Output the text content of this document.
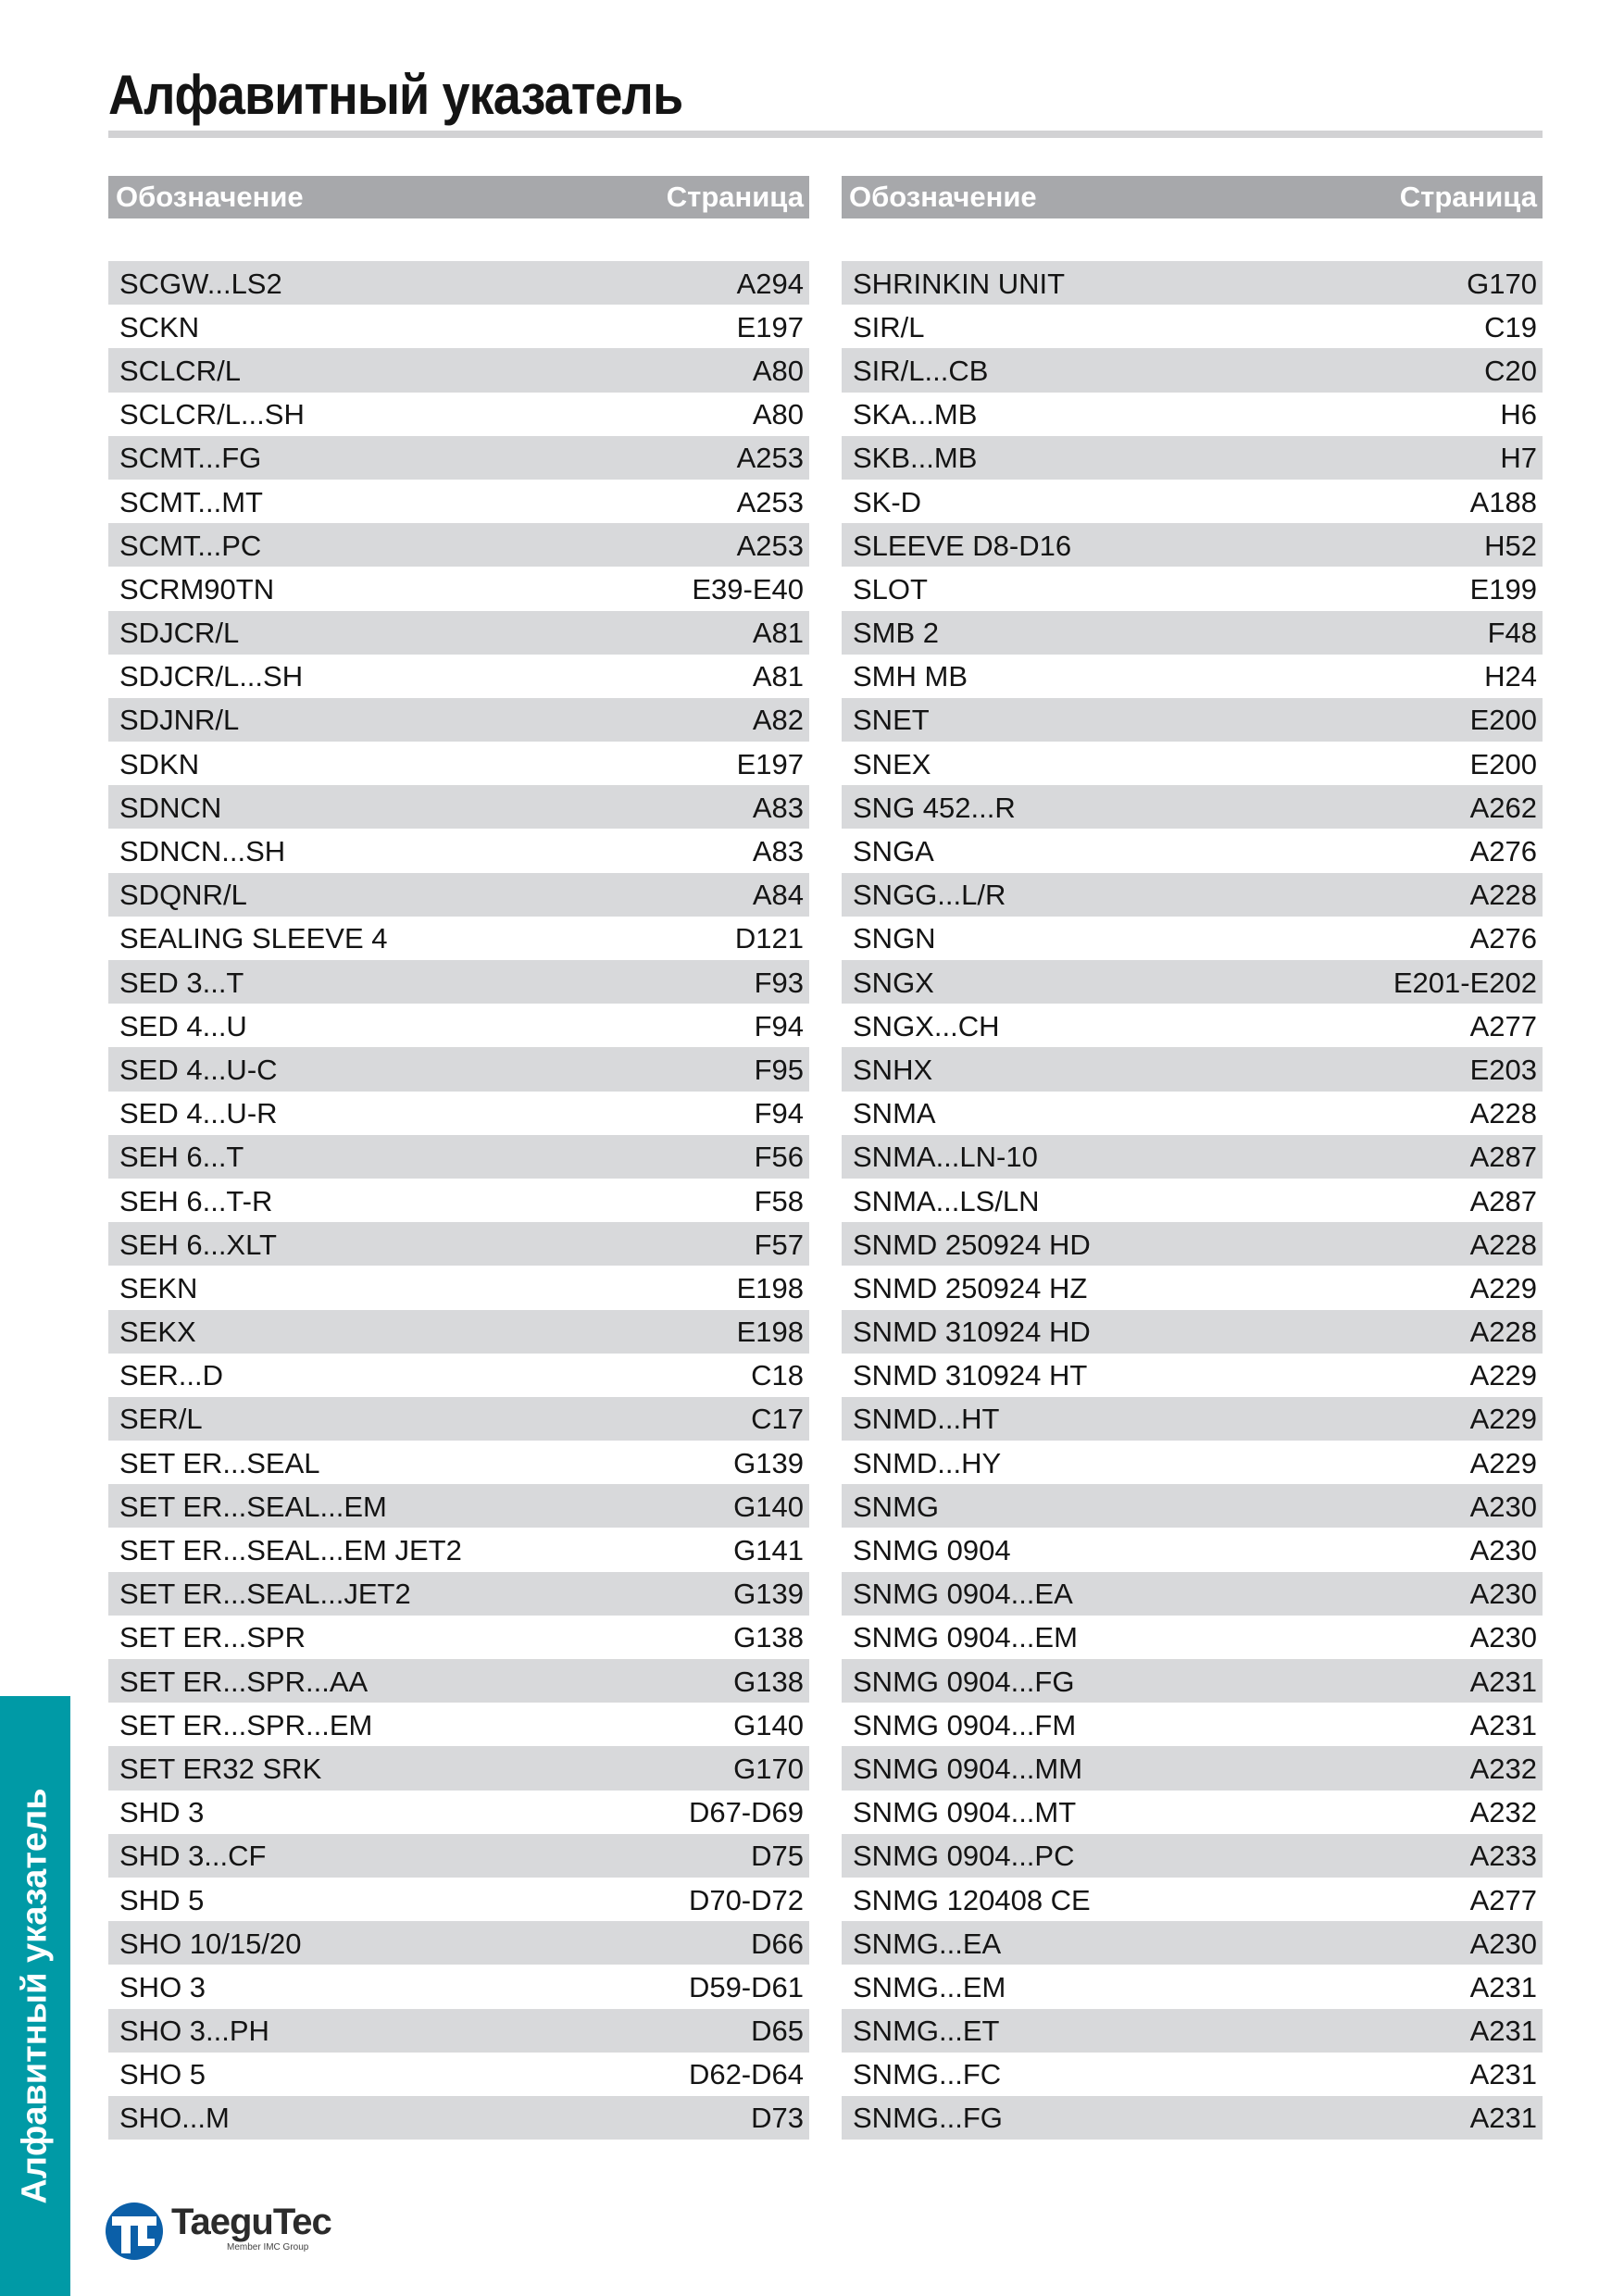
Алфавитный указатель
Обозначение	Страница
SCGW...LS2	A294
SCKN	E197
SCLCR/L	A80
SCLCR/L...SH	A80
SCMT...FG	A253
SCMT...MT	A253
SCMT...PC	A253
SCRM90TN	E39-E40
SDJCR/L	A81
SDJCR/L...SH	A81
SDJNR/L	A82
SDKN	E197
SDNCN	A83
SDNCN...SH	A83
SDQNR/L	A84
SEALING SLEEVE 4	D121
SED 3...T	F93
SED 4...U	F94
SED 4...U-C	F95
SED 4...U-R	F94
SEH 6...T	F56
SEH 6...T-R	F58
SEH 6...XLT	F57
SEKN	E198
SEKX	E198
SER...D	C18
SER/L	C17
SET ER...SEAL	G139
SET ER...SEAL...EM	G140
SET ER...SEAL...EM JET2	G141
SET ER...SEAL...JET2	G139
SET ER...SPR	G138
SET ER...SPR...AA	G138
SET ER...SPR...EM	G140
SET ER32 SRK	G170
SHD 3	D67-D69
SHD 3...CF	D75
SHD 5	D70-D72
SHO 10/15/20	D66
SHO 3	D59-D61
SHO 3...PH	D65
SHO 5	D62-D64
SHO...M	D73
Обозначение	Страница
SHRINKIN UNIT	G170
SIR/L	C19
SIR/L...CB	C20
SKA...MB	H6
SKB...MB	H7
SK-D	A188
SLEEVE D8-D16	H52
SLOT	E199
SMB 2	F48
SMH MB	H24
SNET	E200
SNEX	E200
SNG 452...R	A262
SNGA	A276
SNGG...L/R	A228
SNGN	A276
SNGX	E201-E202
SNGX...CH	A277
SNHX	E203
SNMA	A228
SNMA...LN-10	A287
SNMA...LS/LN	A287
SNMD 250924 HD	A228
SNMD 250924 HZ	A229
SNMD 310924 HD	A228
SNMD 310924 HT	A229
SNMD...HT	A229
SNMD...HY	A229
SNMG	A230
SNMG 0904	A230
SNMG 0904...EA	A230
SNMG 0904...EM	A230
SNMG 0904...FG	A231
SNMG 0904...FM	A231
SNMG 0904...MM	A232
SNMG 0904...MT	A232
SNMG 0904...PC	A233
SNMG 120408 CE	A277
SNMG...EA	A230
SNMG...EM	A231
SNMG...ET	A231
SNMG...FC	A231
SNMG...FG	A231
Алфавитный указатель
TaeguTec
Member IMC Group
